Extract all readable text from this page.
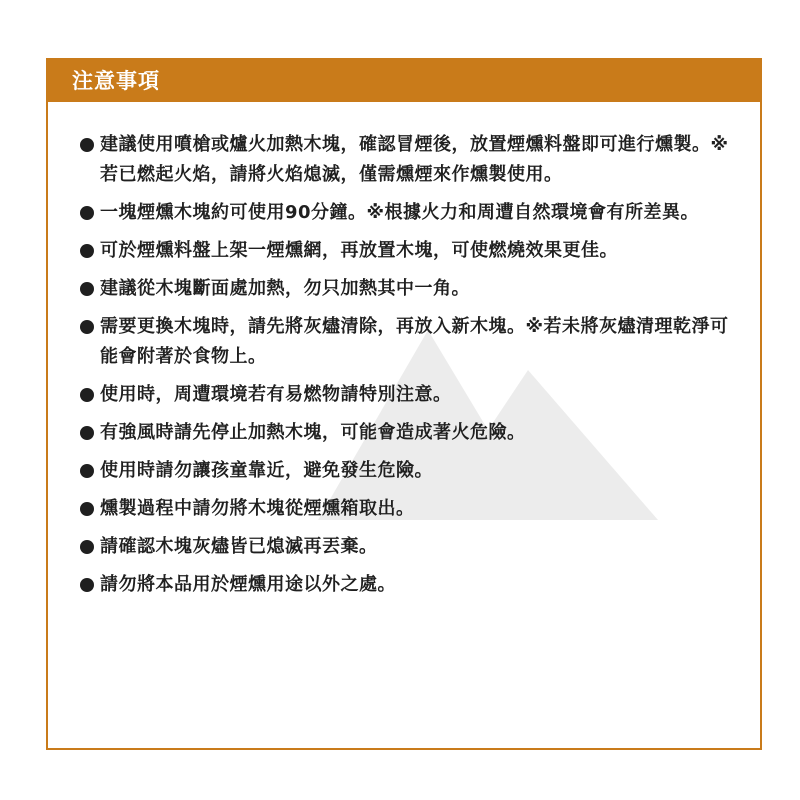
注意事項
建議使用噴槍或爐火加熱木塊，確認冒煙後，放置煙燻料盤即可進行燻製。※若已燃起火焰，請將火焰熄滅，僅需燻煙來作燻製使用。
一塊煙燻木塊約可使用90分鐘。※根據火力和周遭自然環境會有所差異。
可於煙燻料盤上架一煙燻網，再放置木塊，可使燃燒效果更佳。
建議從木塊斷面處加熱，勿只加熱其中一角。
需要更換木塊時，請先將灰燼清除，再放入新木塊。※若未將灰燼清理乾淨可能會附著於食物上。
使用時，周遭環境若有易燃物請特別注意。
有強風時請先停止加熱木塊，可能會造成著火危險。
使用時請勿讓孩童靠近，避免發生危險。
燻製過程中請勿將木塊從煙燻箱取出。
請確認木塊灰燼皆已熄滅再丟棄。
請勿將本品用於煙燻用途以外之處。
